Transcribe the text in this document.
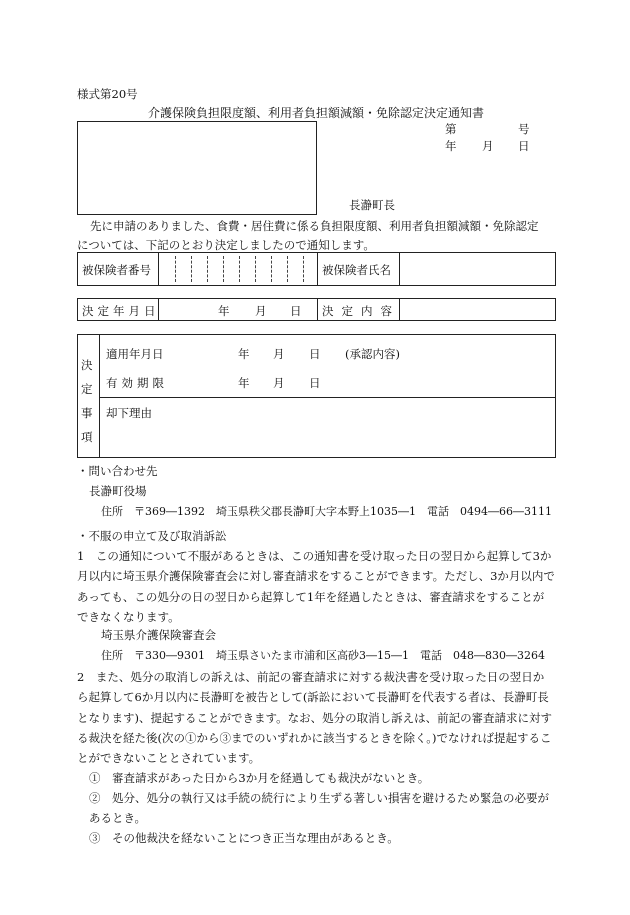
様式第20号
介護保険負担限度額、利用者負担額減額・免除認定決定通知書
第	号
年 月 日
長瀞町長
先に申請のありました、食費・居住費に係る負担限度額、利用者負担額減額・免除認定
については、下記のとおり決定しましたので通知します。
被保険者番号	被保険者氏名
決定年月日	年 月 日 決定内容
決
定
事
項
適用年月日	年 月 日 (承認内容)
有効期限	年 月 日
却下理由
・問い合わせ先
長瀞町役場
住所　〒369―1392　埼玉県秩父郡長瀞町大字本野上1035―1　電話　0494―66―3111
・不服の申立て及び取消訴訟
1　この通知について不服があるときは、この通知書を受け取った日の翌日から起算して3か月以内に埼玉県介護保険審査会に対し審査請求をすることができます。ただし、3か月以内であっても、この処分の日の翌日から起算して1年を経過したときは、審査請求をすることができなくなります。
埼玉県介護保険審査会
住所　〒330―9301　埼玉県さいたま市浦和区高砂3―15―1　電話　048―830―3264
2　また、処分の取消しの訴えは、前記の審査請求に対する裁決書を受け取った日の翌日から起算して6か月以内に長瀞町を被告として(訴訟において長瀞町を代表する者は、長瀞町長となります)、提起することができます。なお、処分の取消し訴えは、前記の審査請求に対する裁決を経た後(次の①から③までのいずれかに該当するときを除く。)でなければ提起することができないこととされています。
①　審査請求があった日から3か月を経過しても裁決がないとき。
②　処分、処分の執行又は手続の続行により生ずる著しい損害を避けるため緊急の必要があるとき。
③　その他裁決を経ないことにつき正当な理由があるとき。
